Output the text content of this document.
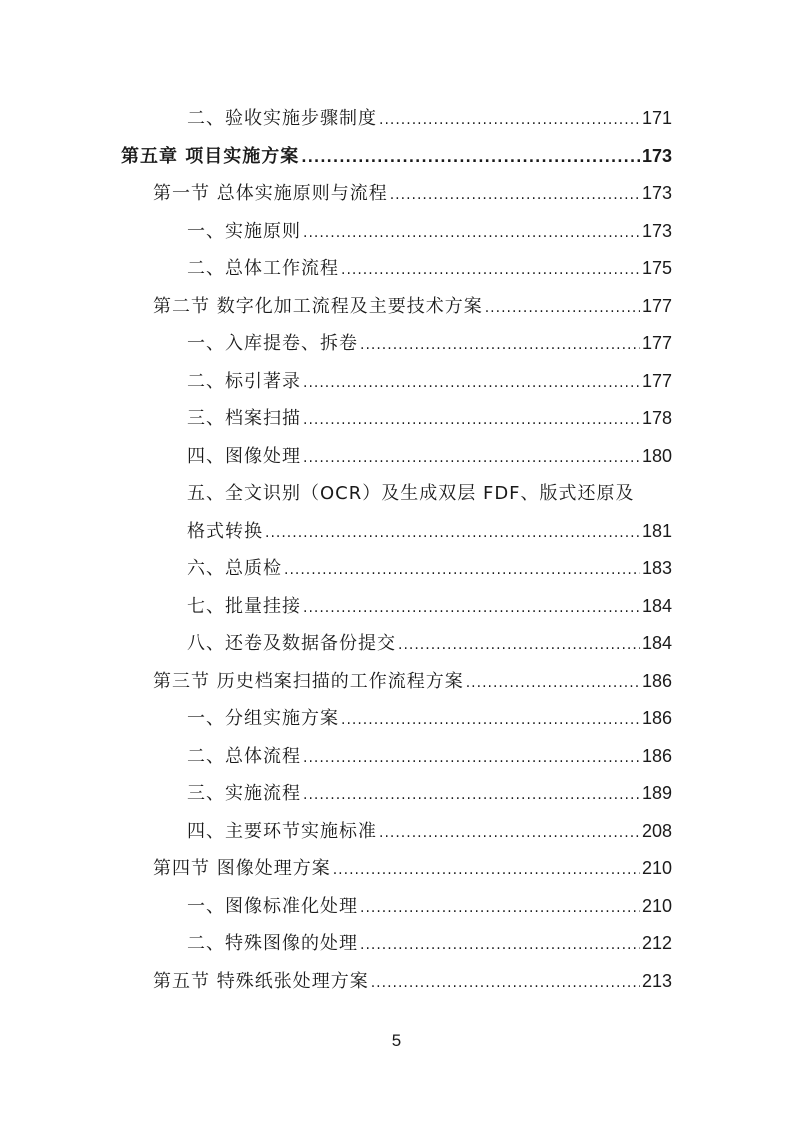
二、验收实施步骤制度 .....	171
第五章 项目实施方案 .....	173
第一节 总体实施原则与流程 .....	173
一、实施原则 .....	173
二、总体工作流程 .....	175
第二节 数字化加工流程及主要技术方案 .....	177
一、入库提卷、拆卷 .....	177
二、标引著录 .....	177
三、档案扫描 .....	178
四、图像处理 .....	180
五、全文识别（OCR）及生成双层 FDF、版式还原及
格式转换 .....	181
六、总质检 .....	183
七、批量挂接 .....	184
八、还卷及数据备份提交 .....	184
第三节 历史档案扫描的工作流程方案 .....	186
一、分组实施方案 .....	186
二、总体流程 .....	186
三、实施流程 .....	189
四、主要环节实施标准 .....	208
第四节 图像处理方案 .....	210
一、图像标准化处理 .....	210
二、特殊图像的处理 .....	212
第五节 特殊纸张处理方案 .....	213
5
